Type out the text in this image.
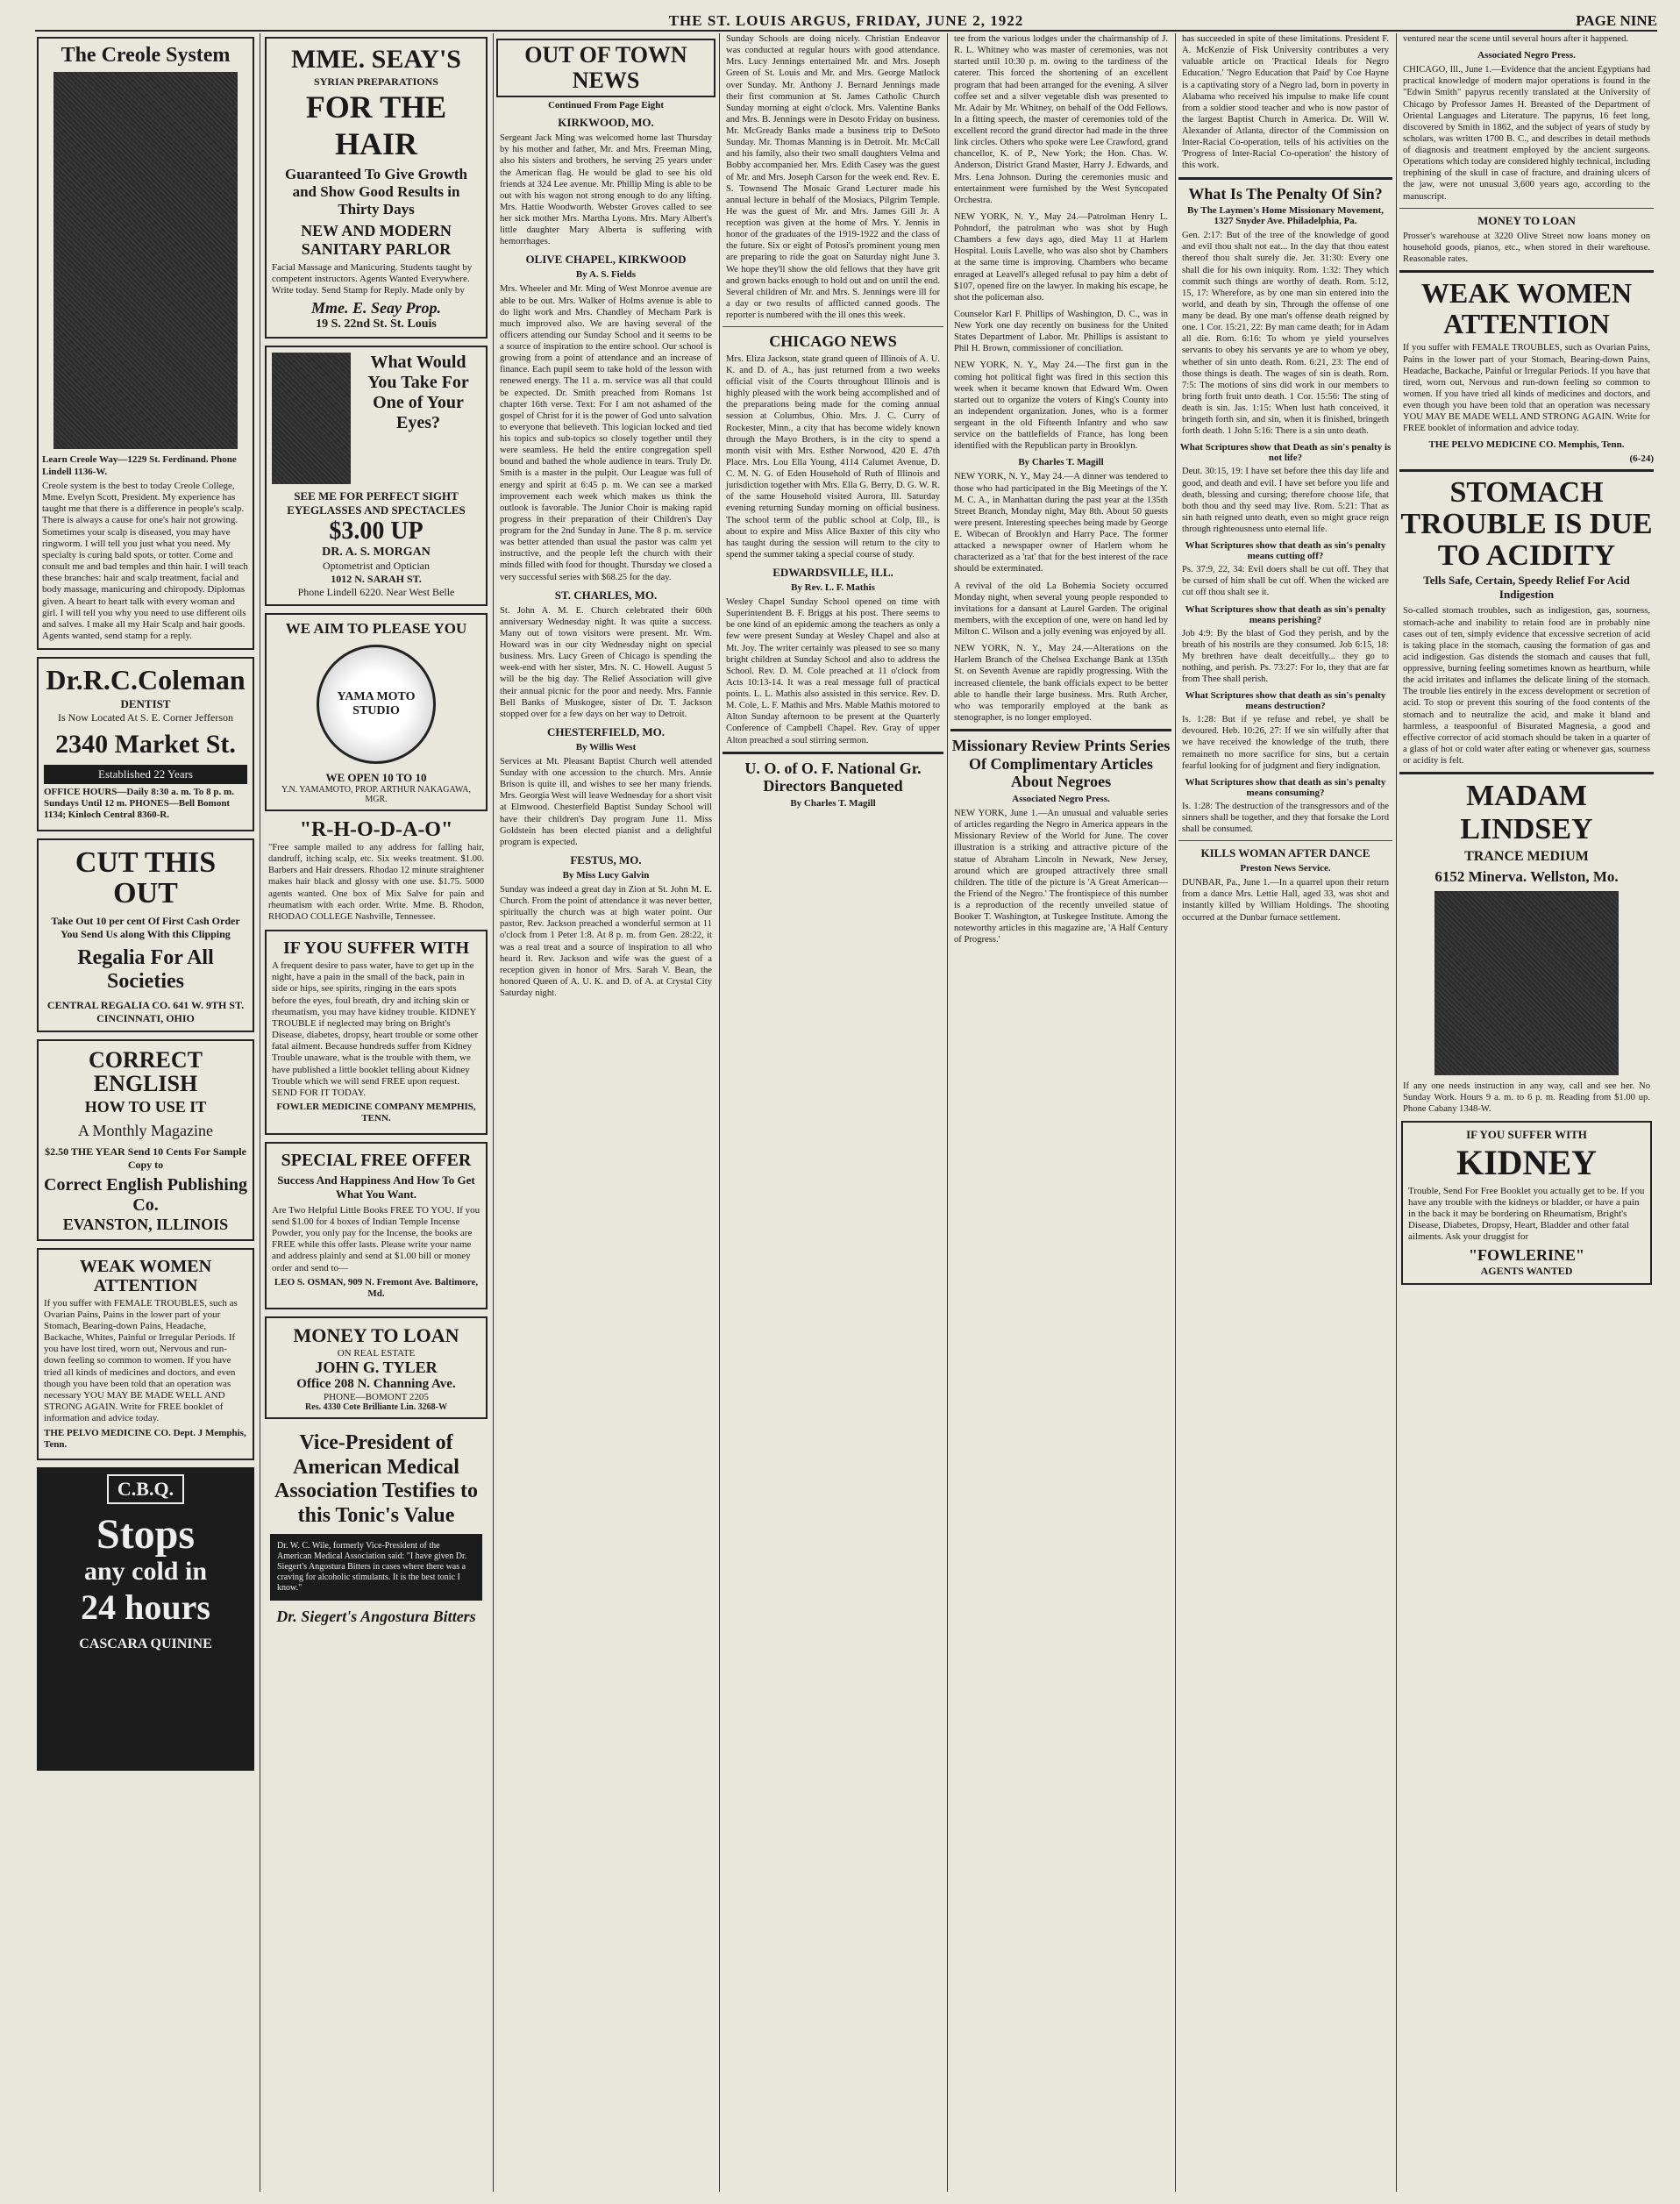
THE ST. LOUIS ARGUS, FRIDAY, JUNE 2, 1922	PAGE NINE
The Creole System

Learn Creole Way—1229 St. Ferdinand. Phone Lindell 1136-W.

Creole system is the best to today Creole College, Mme. Evelyn Scott, President. My experience has taught me that there is a difference in people's scalp. There is always a cause for one's hair not growing. Sometimes your scalp is diseased, you may have ringworm. I will tell you just what you need. My specialty is curing bald spots, or totter. Come and consult me and bad temples and thin hair. I will teach these branches: hair and scalp treatment, facial and body massage, manicuring and chiropody. Diplomas given. A heart to heart talk with every woman and girl. I will tell you why you need to use different oils and salves. I make all my Hair Scalp and hair goods. Agents wanted, send stamp for a reply.

Dr.R.C.Coleman
DENTIST
Is Now Located At S. E. Corner Jefferson
2340 Market St.
Established 22 Years

OFFICE HOURS—Daily 8:30 a. m. To 8 p. m. Sundays Until 12 m. PHONES—Bell Bomont 1134; Kinloch Central 8360-R.

CUT THIS OUT
Take Out 10 per cent Of First Cash Order You Send Us along With this Clipping
Regalia For All Societies
CENTRAL REGALIA CO. 641 W. 9TH ST. CINCINNATI, OHIO
CORRECT ENGLISH
HOW TO USE IT
A Monthly Magazine
$2.50 THE YEAR Send 10 Cents For Sample Copy to
Correct English Publishing Co.
EVANSTON, ILLINOIS
WEAK WOMEN ATTENTION

If you suffer with FEMALE TROUBLES, such as Ovarian Pains, Pains in the lower part of your Stomach, Bearing-down Pains, Headache, Backache, Whites, Painful or Irregular Periods. If you have lost tired, worn out, Nervous and run-down feeling so common to women. If you have tried all kinds of medicines and doctors, and even though you have been told that an operation was necessary YOU MAY BE MADE WELL AND STRONG AGAIN. Write for FREE booklet of information and advice today.

THE PELVO MEDICINE CO. Dept. J Memphis, Tenn.

C.B.Q.
Stops
any cold in
24 hours
CASCARA QUININE
MME. SEAY'S
SYRIAN PREPARATIONS
FOR THE HAIR
Guaranteed To Give Growth and Show Good Results in Thirty Days
NEW AND MODERN SANITARY PARLOR

Facial Massage and Manicuring. Students taught by competent instructors. Agents Wanted Everywhere. Write today. Send Stamp for Reply. Made only by

Mme. E. Seay Prop.
19 S. 22nd St. St. Louis
What Would You Take For One of Your Eyes?
SEE ME FOR PERFECT SIGHT
EYEGLASSES AND SPECTACLES
$3.00 UP
DR. A. S. MORGAN
Optometrist and Optician
1012 N. SARAH ST.
Phone Lindell 6220. Near West Belle
WE AIM TO PLEASE YOU
YAMA MOTO STUDIO
WE OPEN 10 TO 10
Y.N. YAMAMOTO, PROP. ARTHUR NAKAGAWA, MGR.
"R-H-O-D-A-O"

"Free sample mailed to any address for falling hair, dandruff, itching scalp, etc. Six weeks treatment. $1.00. Barbers and Hair dressers. Rhodao 12 minute straightener makes hair black and glossy with one use. $1.75. 5000 agents wanted. One box of Mix Salve for pain and rheumatism with each order. Write. Mme. B. Rhodon, RHODAO COLLEGE Nashville, Tennessee.

IF YOU SUFFER WITH

A frequent desire to pass water, have to get up in the night, have a pain in the small of the back, pain in side or hips, see spirits, ringing in the ears spots before the eyes, foul breath, dry and itching skin or rheumatism, you may have kidney trouble. KIDNEY TROUBLE if neglected may bring on Bright's Disease, diabetes, dropsy, heart trouble or some other fatal ailment. Because hundreds suffer from Kidney Trouble unaware, what is the trouble with them, we have published a little booklet telling about Kidney Trouble which we will send FREE upon request. SEND FOR IT TODAY.

FOWLER MEDICINE COMPANY MEMPHIS, TENN.

SPECIAL FREE OFFER
Success And Happiness And How To Get What You Want.

Are Two Helpful Little Books FREE TO YOU. If you send $1.00 for 4 boxes of Indian Temple Incense Powder, you only pay for the Incense, the books are FREE while this offer lasts. Please write your name and address plainly and send at $1.00 bill or money order and send to—

LEO S. OSMAN, 909 N. Fremont Ave. Baltimore, Md.

MONEY TO LOAN
ON REAL ESTATE
JOHN G. TYLER
Office 208 N. Channing Ave.
PHONE—BOMONT 2205
Res. 4330 Cote Brilliante Lin. 3268-W
Vice-President of American Medical Association Testifies to this Tonic's Value

Dr. W. C. Wile, formerly Vice-President of the American Medical Association said: "I have given Dr. Siegert's Angostura Bitters in cases where there was a craving for alcoholic stimulants. It is the best tonic I know."

Dr. Siegert's Angostura Bitters
OUT OF TOWN NEWS
Continued From Page Eight
KIRKWOOD, MO.

Sergeant Jack Ming was welcomed home last Thursday by his mother and father, Mr. and Mrs. Freeman Ming, also his sisters and brothers, he serving 25 years under the American flag. He would be glad to see his old friends at 324 Lee avenue. Mr. Phillip Ming is able to be out with his wagon not strong enough to do any lifting. Mrs. Hattie Woodworth. Webster Groves called to see her sick mother Mrs. Martha Lyons. Mrs. Mary Albert's little daughter Mary Alberta is suffering with hemorrhages.

OLIVE CHAPEL, KIRKWOOD
By A. S. Fields

Mrs. Wheeler and Mr. Ming of West Monroe avenue are able to be out. Mrs. Walker of Holms avenue is able to do light work and Mrs. Chandley of Mecham Park is much improved also. We are having several of the officers attending our Sunday School and it seems to be a source of inspiration to the entire school. Our school is growing from a point of attendance and an increase of finance. Each pupil seem to take hold of the lesson with renewed energy. The 11 a. m. service was all that could be expected. Dr. Smith preached from Romans 1st chapter 16th verse. Text: For I am not ashamed of the gospel of Christ for it is the power of God unto salvation to everyone that believeth. This logician locked and tied his topics and sub-topics so closely together until they were seamless. He held the entire congregation spell bound and bathed the whole audience in tears. Truly Dr. Smith is a master in the pulpit. Our League was full of energy and spirit at 6:45 p. m. We can see a marked improvement each week which makes us think the outlook is favorable. The Junior Choir is making rapid progress in their preparation of their Children's Day program for the 2nd Sunday in June. The 8 p. m. service was better attended than usual the pastor was calm yet instructive, and the people left the church with their minds filled with food for thought. Thursday we closed a very successful series with $68.25 for the day.

ST. CHARLES, MO.

St. John A. M. E. Church celebrated their 60th anniversary Wednesday night. It was quite a success. Many out of town visitors were present. Mr. Wm. Howard was in our city Wednesday night on special business. Mrs. Lucy Green of Chicago is spending the week-end with her sister, Mrs. N. C. Howell. August 5 will be the big day. The Relief Association will give their annual picnic for the poor and needy. Mrs. Fannie Bell Banks of Muskogee, sister of Dr. T. Jackson stopped over for a few days on her way to Detroit.

CHESTERFIELD, MO.
By Willis West

Services at Mt. Pleasant Baptist Church well attended Sunday with one accession to the church. Mrs. Annie Brison is quite ill, and wishes to see her many friends. Mrs. Georgia West will leave Wednesday for a short visit at Elmwood. Chesterfield Baptist Sunday School will have their children's Day program June 11. Miss Goldstein has been elected pianist and a delightful program is expected.

FESTUS, MO.
By Miss Lucy Galvin

Sunday was indeed a great day in Zion at St. John M. E. Church. From the point of attendance it was never better, spiritually the church was at high water point. Our pastor, Rev. Jackson preached a wonderful sermon at 11 o'clock from 1 Peter 1:8. At 8 p. m. from Gen. 28:22, it was a real treat and a source of inspiration to all who heard it. Rev. Jackson and wife was the guest of a reception given in honor of Mrs. Sarah V. Bean, the honored Queen of A. U. K. and D. of A. at Crystal City Saturday night.

Sunday Schools are doing nicely. Christian Endeavor was conducted at regular hours with good attendance. Mrs. Lucy Jennings entertained Mr. and Mrs. Joseph Green of St. Louis and Mr. and Mrs. George Matlock over Sunday. Mr. Anthony J. Bernard Jennings made their first communion at St. James Catholic Church Sunday morning at eight o'clock. Mrs. Valentine Banks and Mrs. B. Jennings were in Desoto Friday on business. Mr. McGready Banks made a business trip to DeSoto Sunday. Mr. Thomas Manning is in Detroit. Mr. McCall and his family, also their two small daughters Velma and Bobby accompanied her. Mrs. Edith Casey was the guest of Mr. and Mrs. Joseph Carson for the week end. Rev. E. S. Townsend The Mosaic Grand Lecturer made his annual lecture in behalf of the Mosiacs, Pilgrim Temple. He was the guest of Mr. and Mrs. James Gill Jr. A reception was given at the home of Mrs. Y. Jennis in honor of the graduates of the 1919-1922 and the class of the future. Six or eight of Potosi's prominent young men are preparing to ride the goat on Saturday night June 3. We hope they'll show the old fellows that they have grit and grown backs enough to hold out and on until the end. Several children of Mr. and Mrs. S. Jennings were ill for a day or two results of afflicted canned goods. The reporter is numbered with the ill ones this week.

CHICAGO NEWS

Mrs. Eliza Jackson, state grand queen of Illinois of A. U. K. and D. of A., has just returned from a two weeks official visit of the Courts throughout Illinois and is highly pleased with the work being accomplished and of the preparations being made for the coming annual session at Columbus, Ohio. Mrs. J. C. Curry of Rockester, Minn., a city that has become widely known through the Mayo Brothers, is in the city to spend a month visit with Mrs. Esther Norwood, 420 E. 47th Place. Mrs. Lou Ella Young, 4114 Calumet Avenue, D. C. M. N. G. of Eden Household of Ruth of Illinois and jurisdiction together with Mrs. Ella G. Berry, D. G. W. R. of the same Household visited Aurora, Ill. Saturday evening returning Sunday morning on official business. The school term of the public school at Colp, Ill., is about to expire and Miss Alice Baxter of this city who has taught during the session will return to the city to spend the summer taking a special course of study.

EDWARDSVILLE, ILL.
By Rev. L. F. Mathis

Wesley Chapel Sunday School opened on time with Superintendent B. F. Briggs at his post. There seems to be one kind of an epidemic among the teachers as only a few were present Sunday at Wesley Chapel and also at Mt. Joy. The writer certainly was pleased to see so many bright children at Sunday School and also to address the School. Rev. D. M. Cole preached at 11 o'clock from Acts 10:13-14. It was a real message full of practical points. L. L. Mathis also assisted in this service. Rev. D. M. Cole, L. F. Mathis and Mrs. Mable Mathis motored to Alton Sunday afternoon to be present at the Quarterly Conference of Campbell Chapel. Rev. Gray of upper Alton preached a soul stirring sermon.

U. O. of O. F. National Gr. Directors Banqueted
By Charles T. Magill

tee from the various lodges under the chairmanship of J. R. L. Whitney who was master of ceremonies, was not started until 10:30 p. m. owing to the tardiness of the caterer. This forced the shortening of an excellent program that had been arranged for the evening. A silver coffee set and a silver vegetable dish was presented to Mr. Adair by Mr. Whitney, on behalf of the Odd Fellows. In a fitting speech, the master of ceremonies told of the excellent record the grand director had made in the three link circles. Others who spoke were Lee Crawford, grand chancellor, K. of P., New York; the Hon. Chas. W. Anderson, District Grand Master, Harry J. Edwards, and Mrs. Lena Johnson. During the ceremonies music and entertainment were furnished by the West Syncopated Orchestra.

NEW YORK, N. Y., May 24.—Patrolman Henry L. Pohndorf, the patrolman who was shot by Hugh Chambers a few days ago, died May 11 at Harlem Hospital. Louis Lavelle, who was also shot by Chambers at the same time is improving. Chambers who became enraged at Leavell's alleged refusal to pay him a debt of $107, opened fire on the lawyer. In making his escape, he shot the policeman also.

Counselor Karl F. Phillips of Washington, D. C., was in New York one day recently on business for the United States Department of Labor. Mr. Phillips is assistant to Phil H. Brown, commissioner of conciliation.

NEW YORK, N. Y., May 24.—The first gun in the coming hot political fight was fired in this section this week when it became known that Edward Wm. Owen started out to organize the voters of King's County into an independent organization. Jones, who is a former sergeant in the old Fifteenth Infantry and who saw service on the battlefields of France, has long been identified with the Republican party in Brooklyn.

By Charles T. Magill

NEW YORK, N. Y., May 24.—A dinner was tendered to those who had participated in the Big Meetings of the Y. M. C. A., in Manhattan during the past year at the 135th Street Branch, Monday night, May 8th. About 50 guests were present. Interesting speeches being made by George E. Wibecan of Brooklyn and Harry Pace. The former attacked a newspaper owner of Harlem whom he characterized as a 'rat' that for the best interest of the race should be exterminated.

A revival of the old La Bohemia Society occurred Monday night, when several young people responded to invitations for a dansant at Laurel Garden. The original members, with the exception of one, were on hand led by Milton C. Wilson and a jolly evening was enjoyed by all.

NEW YORK, N. Y., May 24.—Alterations on the Harlem Branch of the Chelsea Exchange Bank at 135th St. on Seventh Avenue are rapidly progressing. With the increased clientele, the bank officials expect to be better able to handle their large business. Mrs. Ruth Archer, who was temporarily employed at the bank as stenographer, is no longer employed.

Missionary Review Prints Series Of Complimentary Articles About Negroes
Associated Negro Press.

NEW YORK, June 1.—An unusual and valuable series of articles regarding the Negro in America appears in the Missionary Review of the World for June. The cover illustration is a striking and attractive picture of the statue of Abraham Lincoln in Newark, New Jersey, around which are grouped attractively three small children. The title of the picture is 'A Great American—the Friend of the Negro.' The frontispiece of this number is a reproduction of the recently unveiled statue of Booker T. Washington, at Tuskegee Institute. Among the noteworthy articles in this magazine are, 'A Half Century of Progress.'

has succeeded in spite of these limitations. President F. A. McKenzie of Fisk University contributes a very valuable article on 'Practical Ideals for Negro Education.' 'Negro Education that Paid' by Coe Hayne is a captivating story of a Negro lad, born in poverty in Alabama who received his impulse to make life count from a soldier stood teacher and who is now pastor of the largest Baptist Church in America. Dr. Will W. Alexander of Atlanta, director of the Commission on Inter-Racial Co-operation, tells of his activities on the 'Progress of Inter-Racial Co-operation' the history of this work.

What Is The Penalty Of Sin?
By The Laymen's Home Missionary Movement, 1327 Snyder Ave. Philadelphia, Pa.

Gen. 2:17: But of the tree of the knowledge of good and evil thou shalt not eat... In the day that thou eatest thereof thou shalt surely die. Jer. 31:30: Every one shall die for his own iniquity. Rom. 1:32: They which commit such things are worthy of death. Rom. 5:12, 15, 17: Wherefore, as by one man sin entered into the world, and death by sin, Through the offense of one many be dead. By one man's offense death reigned by one. 1 Cor. 15:21, 22: By man came death; for in Adam all die. Rom. 6:16: To whom ye yield yourselves servants to obey his servants ye are to whom ye obey, whether of sin unto death. Rom. 6:21, 23: The end of those things is death. The wages of sin is death. Rom. 7:5: The motions of sins did work in our members to bring forth fruit unto death. 1 Cor. 15:56: The sting of death is sin. Jas. 1:15: When lust hath conceived, it bringeth forth sin, and sin, when it is finished, bringeth forth death. 1 John 5:16: There is a sin unto death.

What Scriptures show that Death as sin's penalty is not life?

Deut. 30:15, 19: I have set before thee this day life and good, and death and evil. I have set before you life and death, blessing and cursing; therefore choose life, that both thou and thy seed may live. Rom. 5:21: That as sin hath reigned unto death, even so might grace reign through righteousness unto eternal life.

What Scriptures show that death as sin's penalty means cutting off?

Ps. 37:9, 22, 34: Evil doers shall be cut off. They that be cursed of him shall be cut off. When the wicked are cut off thou shalt see it.

What Scriptures show that death as sin's penalty means perishing?

Job 4:9: By the blast of God they perish, and by the breath of his nostrils are they consumed. Job 6:15, 18: My brethren have dealt deceitfully... they go to nothing, and perish. Ps. 73:27: For lo, they that are far from Thee shall perish.

What Scriptures show that death as sin's penalty means destruction?

Is. 1:28: But if ye refuse and rebel, ye shall be devoured. Heb. 10:26, 27: If we sin wilfully after that we have received the knowledge of the truth, there remaineth no more sacrifice for sins, but a certain fearful looking for of judgment and fiery indignation.

What Scriptures show that death as sin's penalty means consuming?

Is. 1:28: The destruction of the transgressors and of the sinners shall be together, and they that forsake the Lord shall be consumed.

KILLS WOMAN AFTER DANCE
Preston News Service.

DUNBAR, Pa., June 1.—In a quarrel upon their return from a dance Mrs. Lettie Hall, aged 33, was shot and instantly killed by William Holdings. The shooting occurred at the Dunbar furnace settlement.

ventured near the scene until several hours after it happened.

Associated Negro Press.

CHICAGO, Ill., June 1.—Evidence that the ancient Egyptians had practical knowledge of modern major operations is found in the "Edwin Smith" papyrus recently translated at the University of Chicago by Professor James H. Breasted of the Department of Oriental Languages and Literature. The papyrus, 16 feet long, discovered by Smith in 1862, and the subject of years of study by scholars, was written 1700 B. C., and describes in detail methods of diagnosis and treatment employed by the ancient surgeons. Operations which today are considered highly technical, including trephining of the skull in case of fracture, and draining ulcers of the jaw, were not unusual 3,600 years ago, according to the manuscript.

MONEY TO LOAN

Prosser's warehouse at 3220 Olive Street now loans money on household goods, pianos, etc., when stored in their warehouse. Reasonable rates.

WEAK WOMEN ATTENTION

If you suffer with FEMALE TROUBLES, such as Ovarian Pains, Pains in the lower part of your Stomach, Bearing-down Pains, Headache, Backache, Painful or Irregular Periods. If you have that tired, worn out, Nervous and run-down feeling so common to women. If you have tried all kinds of medicines and doctors, and even though you have been told that an operation was necessary YOU MAY BE MADE WELL AND STRONG AGAIN. Write for FREE booklet of information and advice today.

THE PELVO MEDICINE CO. Memphis, Tenn.
(6-24)
STOMACH TROUBLE IS DUE TO ACIDITY
Tells Safe, Certain, Speedy Relief For Acid Indigestion

So-called stomach troubles, such as indigestion, gas, sourness, stomach-ache and inability to retain food are in probably nine cases out of ten, simply evidence that excessive secretion of acid is taking place in the stomach, causing the formation of gas and acid indigestion. Gas distends the stomach and causes that full, oppressive, burning feeling sometimes known as heartburn, while the acid irritates and inflames the delicate lining of the stomach. The trouble lies entirely in the excess development or secretion of acid. To stop or prevent this souring of the food contents of the stomach and to neutralize the acid, and make it bland and harmless, a teaspoonful of Bisurated Magnesia, a good and effective corrector of acid stomach should be taken in a quarter of a glass of hot or cold water after eating or whenever gas, sourness or acidity is felt.

MADAM LINDSEY
TRANCE MEDIUM
6152 Minerva. Wellston, Mo.

If any one needs instruction in any way, call and see her. No Sunday Work. Hours 9 a. m. to 6 p. m. Reading from $1.00 up. Phone Cabany 1348-W.

IF YOU SUFFER WITH
KIDNEY

Trouble, Send For Free Booklet you actually get to be. If you have any trouble with the kidneys or bladder, or have a pain in the back it may be bordering on Rheumatism, Bright's Disease, Diabetes, Dropsy, Heart, Bladder and other fatal ailments. Ask your druggist for

"FOWLERINE"
AGENTS WANTED
